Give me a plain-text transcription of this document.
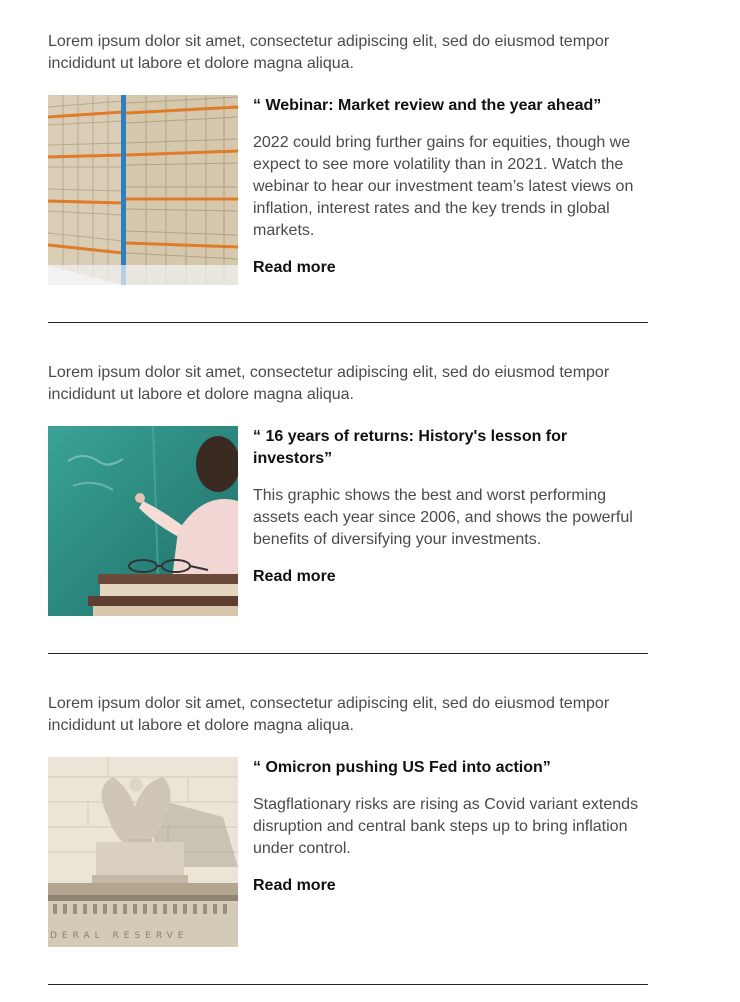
Lorem ipsum dolor sit amet, consectetur adipiscing elit, sed do eiusmod tempor incididunt ut labore et dolore magna aliqua.

“ Webinar: Market review and the year ahead”

2022 could bring further gains for equities, though we expect to see more volatility than in 2021. Watch the webinar to hear our investment team’s latest views on inflation, interest rates and the key trends in global markets.

Read more

Lorem ipsum dolor sit amet, consectetur adipiscing elit, sed do eiusmod tempor incididunt ut labore et dolore magna aliqua.

“ 16 years of returns: History's lesson for investors”

This graphic shows the best and worst performing assets each year since 2006, and shows the powerful benefits of diversifying your investments.

Read more

Lorem ipsum dolor sit amet, consectetur adipiscing elit, sed do eiusmod tempor incididunt ut labore et dolore magna aliqua.

DERAL RESERVE
“ Omicron pushing US Fed into action”

Stagflationary risks are rising as Covid variant extends disruption and central bank steps up to bring inflation under control.

Read more
